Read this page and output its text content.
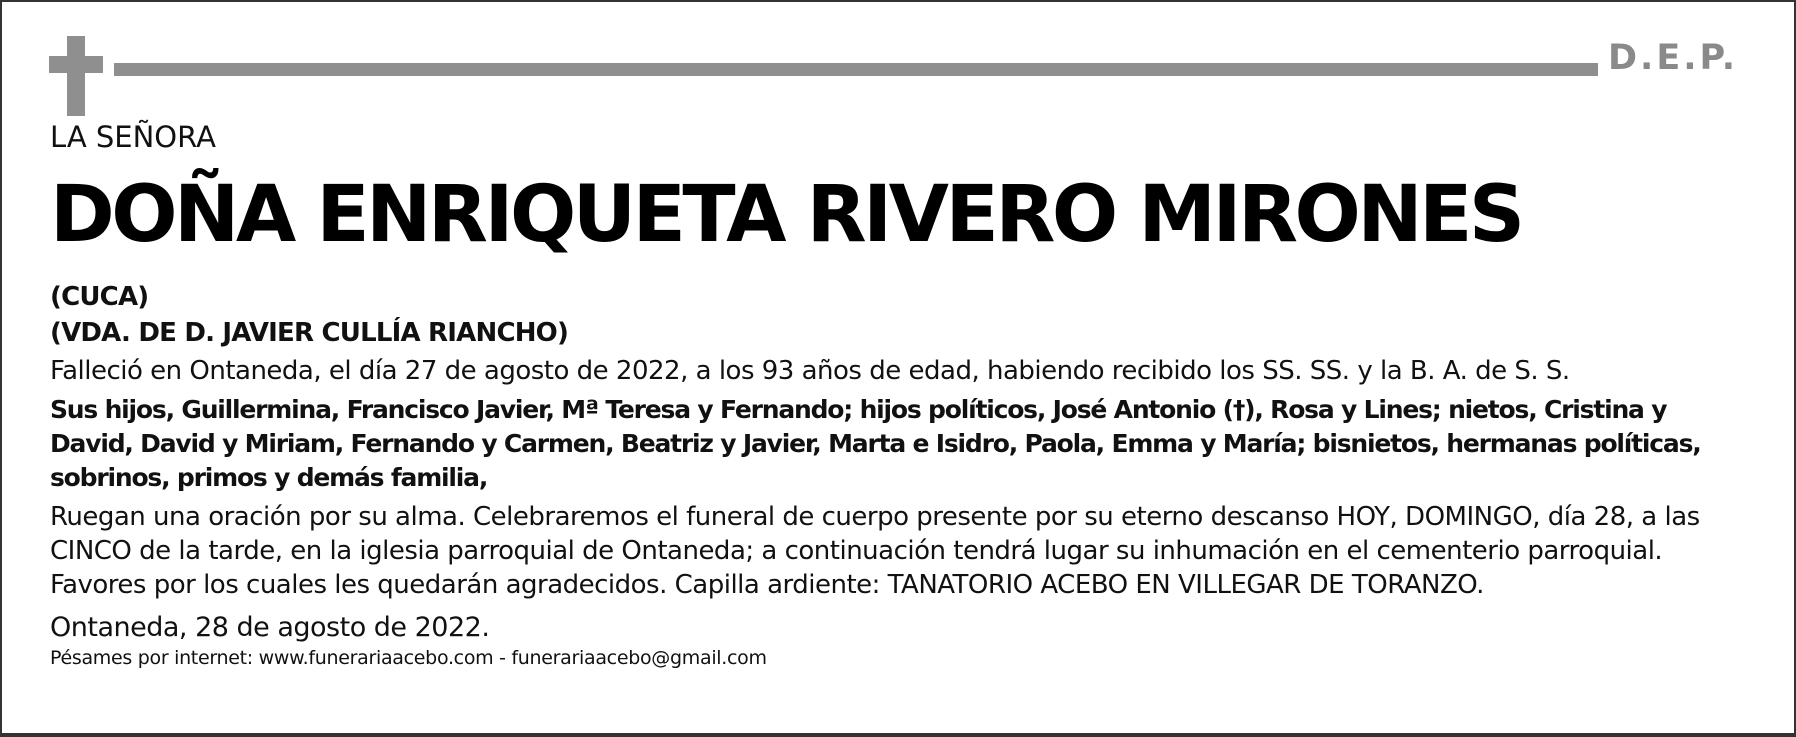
D.E.P.
LA SEÑORA
DOÑA ENRIQUETA RIVERO MIRONES
(CUCA)
(VDA. DE D. JAVIER CULLÍA RIANCHO)
Falleció en Ontaneda, el día 27 de agosto de 2022, a los 93 años de edad, habiendo recibido los SS. SS. y la B. A. de S. S.
Sus hijos, Guillermina, Francisco Javier, Mª Teresa y Fernando; hijos políticos, José Antonio (†), Rosa y Lines; nietos, Cristina y David, David y Miriam, Fernando y Carmen, Beatriz y Javier, Marta e Isidro, Paola, Emma y María; bisnietos, hermanas políticas, sobrinos, primos y demás familia,
Ruegan una oración por su alma. Celebraremos el funeral de cuerpo presente por su eterno descanso HOY, DOMINGO, día 28, a las CINCO de la tarde, en la iglesia parroquial de Ontaneda; a continuación tendrá lugar su inhumación en el cementerio parroquial. Favores por los cuales les quedarán agradecidos. Capilla ardiente: TANATORIO ACEBO EN VILLEGAR DE TORANZO.
Ontaneda, 28 de agosto de 2022.
Pésames por internet: www.funerariaacebo.com - funerariaacebo@gmail.com
